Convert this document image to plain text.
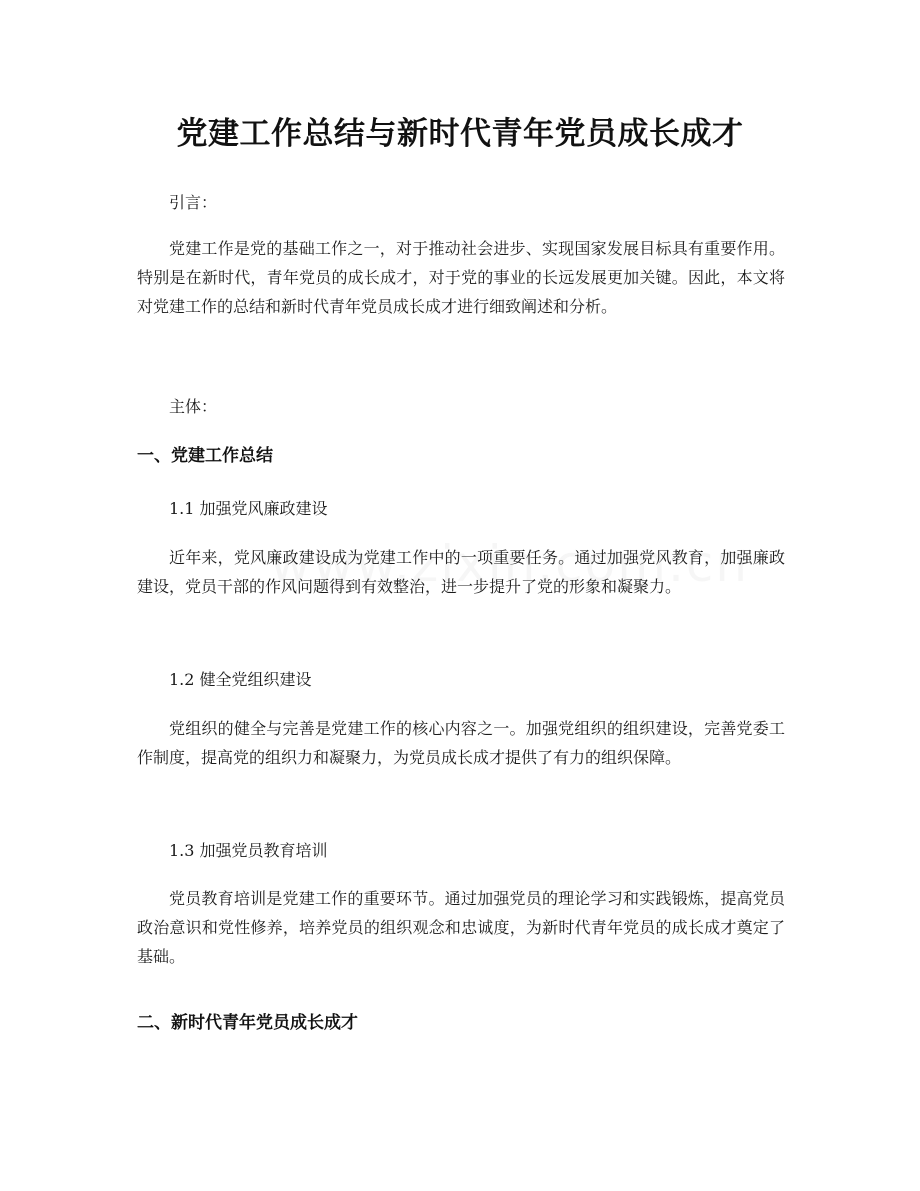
党建工作总结与新时代青年党员成长成才

引言：

党建工作是党的基础工作之一，对于推动社会进步、实现国家发展目标具有重要作用。特别是在新时代，青年党员的成长成才，对于党的事业的长远发展更加关键。因此，本文将对党建工作的总结和新时代青年党员成长成才进行细致阐述和分析。

主体：

一、党建工作总结

1.1 加强党风廉政建设

近年来，党风廉政建设成为党建工作中的一项重要任务。通过加强党风教育，加强廉政建设，党员干部的作风问题得到有效整治，进一步提升了党的形象和凝聚力。

1.2 健全党组织建设

党组织的健全与完善是党建工作的核心内容之一。加强党组织的组织建设，完善党委工作制度，提高党的组织力和凝聚力，为党员成长成才提供了有力的组织保障。

1.3 加强党员教育培训

党员教育培训是党建工作的重要环节。通过加强党员的理论学习和实践锻炼，提高党员政治意识和党性修养，培养党员的组织观念和忠诚度，为新时代青年党员的成长成才奠定了基础。

二、新时代青年党员成长成才
